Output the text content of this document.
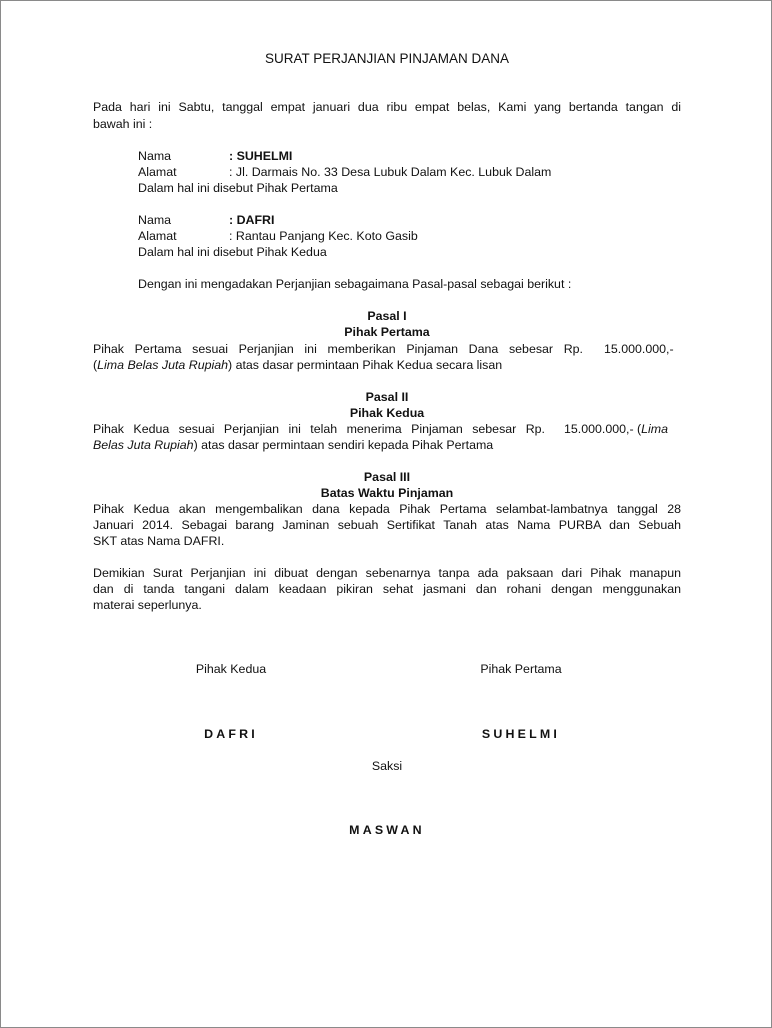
SURAT PERJANJIAN PINJAMAN DANA
Pada hari ini Sabtu, tanggal empat januari dua ribu empat belas, Kami yang bertanda tangan di
bawah ini :
Nama	: SUHELMI
Alamat	: Jl. Darmais No. 33 Desa Lubuk Dalam Kec. Lubuk Dalam
Dalam hal ini disebut Pihak Pertama
Nama	: DAFRI
Alamat	: Rantau Panjang Kec. Koto Gasib
Dalam hal ini disebut Pihak Kedua
Dengan ini mengadakan Perjanjian sebagaimana Pasal-pasal sebagai berikut :
Pasal I
Pihak Pertama
Pihak Pertama sesuai Perjanjian ini memberikan Pinjaman Dana sebesar Rp. 15.000.000,-
(Lima Belas Juta Rupiah) atas dasar permintaan Pihak Kedua secara lisan
Pasal II
Pihak Kedua
Pihak Kedua sesuai Perjanjian ini telah menerima Pinjaman sebesar Rp. 15.000.000,- (Lima
Belas Juta Rupiah) atas dasar permintaan sendiri kepada Pihak Pertama
Pasal III
Batas Waktu Pinjaman
Pihak Kedua akan mengembalikan dana kepada Pihak Pertama selambat-lambatnya tanggal 28
Januari 2014. Sebagai barang Jaminan sebuah Sertifikat Tanah atas Nama PURBA dan Sebuah
SKT atas Nama DAFRI.
Demikian Surat Perjanjian ini dibuat dengan sebenarnya tanpa ada paksaan dari Pihak manapun
dan di tanda tangani dalam keadaan pikiran sehat jasmani dan rohani dengan menggunakan
materai seperlunya.
Pihak Kedua	Pihak Pertama
DAFRI	SUHELMI
Saksi
MASWAN
